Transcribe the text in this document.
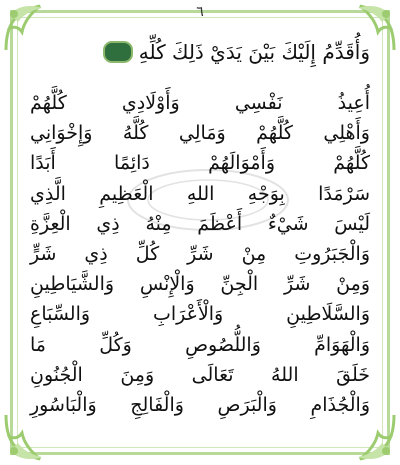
٦
وَأُقَدِّمُ إِلَيْكَ بَيْنَ يَدَيْ ذَلِكَ كُلِّهِ
أُعِيذُ نَفْسِي وَأَوْلَادِي كُلَّهُمْ
وَأَهْلِي كُلَّهُمْ وَمَالِي كُلَّهُ وَإِخْوَانِي
كُلَّهُمْ وَأَمْوَالَهُمْ دَائِمًا أَبَدًا
سَرْمَدًا بِوَجْهِ اللهِ الْعَظِيمِ الَّذِي
لَيْسَ شَيْءٌ أَعْظَمَ مِنْهُ ذِي الْعِزَّةِ
وَالْجَبَرُوتِ مِنْ شَرِّ كُلِّ ذِي شَرٍّ
وَمِنْ شَرِّ الْجِنِّ وَالْإِنْسِ وَالشَّيَاطِينِ
وَالسَّلَاطِينِ وَالْأَعْرَابِ وَالسِّبَاعِ
وَالْهَوَامِّ وَاللُّصُوصِ وَكُلِّ مَا
خَلَقَ اللهُ تَعَالَى وَمِنَ الْجُنُونِ
وَالْجُذَامِ وَالْبَرَصِ وَالْفَالِجِ وَالْبَاسُورِ
